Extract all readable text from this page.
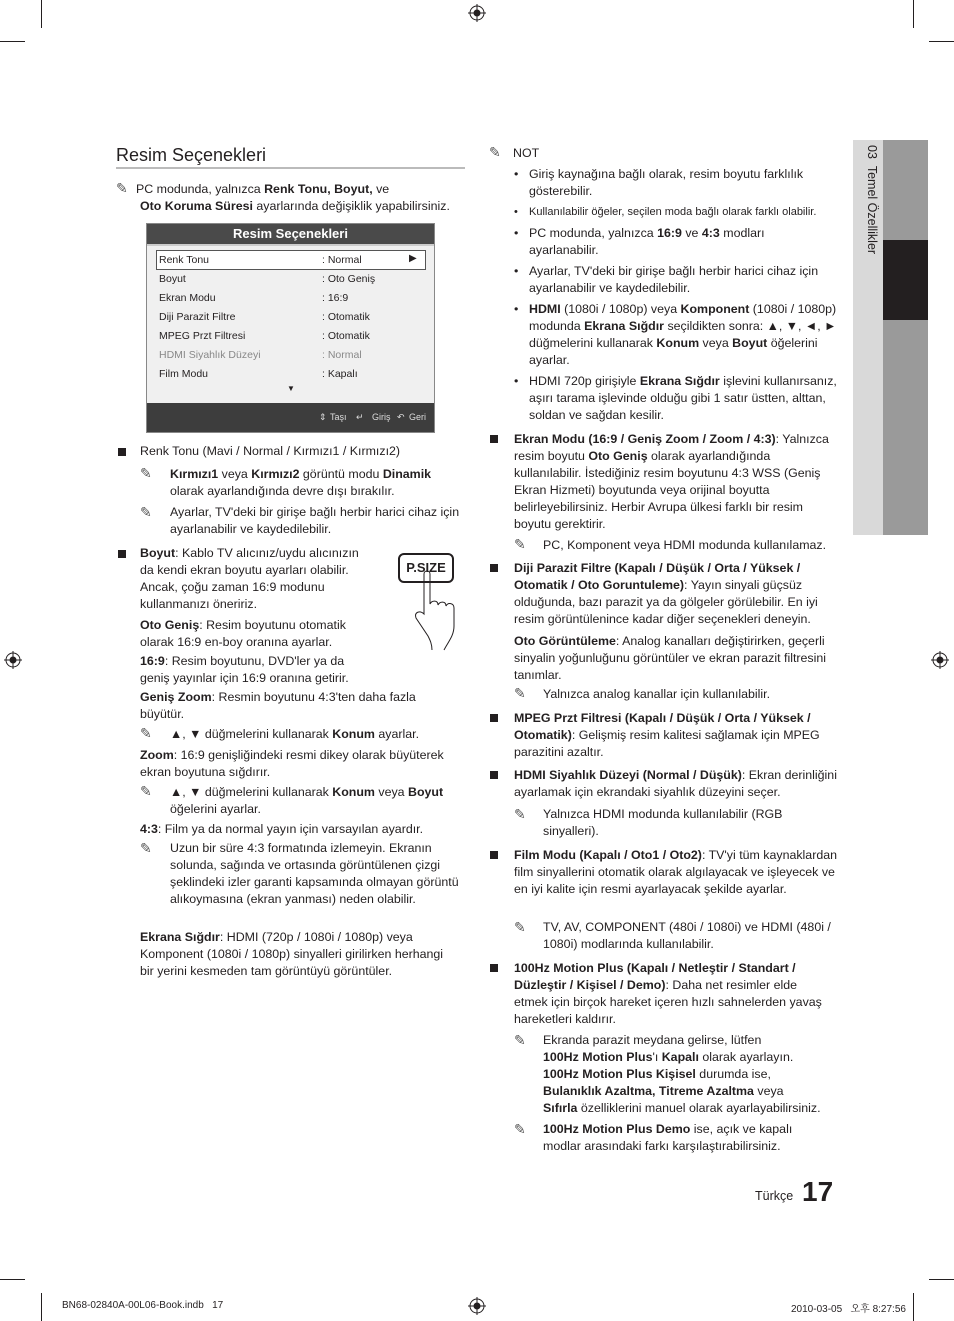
03  Temel Özellikler
Resim Seçenekleri
✎ PC modunda, yalnızca Renk Tonu, Boyut, ve
Oto Koruma Süresi ayarlarında değişiklik yapabilirsiniz.
Resim Seçenekleri
Renk Tonu	: Normal	▶
Boyut	: Oto Geniş
Ekran Modu	: 16:9
Diji Parazit Filtre	: Otomatik
MPEG Przt Filtresi	: Otomatik
HDMI Siyahlık Düzeyi	: Normal
Film Modu	: Kapalı
▼
⇕ Taşı ↵ Giriş ↶ Geri
Renk Tonu (Mavi / Normal / Kırmızı1 / Kırmızı2)
✎ Kırmızı1 veya Kırmızı2 görüntü modu Dinamik
olarak ayarlandığında devre dışı bırakılır.
✎	Ayarlar, TV'deki bir girişe bağlı herbir harici cihaz için ayarlanabilir ve kaydedilebilir.
Boyut: Kablo TV alıcınız/uydu alıcınızın da kendi ekran boyutu ayarları olabilir. Ancak, çoğu zaman 16:9 modunu kullanmanızı öneririz.
P.SIZE
Oto Geniş: Resim boyutunu otomatik olarak 16:9 en-boy oranına ayarlar.
16:9: Resim boyutunu, DVD'ler ya da geniş yayınlar için 16:9 oranına getirir.
Geniş Zoom: Resmin boyutunu 4:3'ten daha fazla büyütür.
✎ ▲, ▼ düğmelerini kullanarak Konum ayarlar.
Zoom: 16:9 genişliğindeki resmi dikey olarak büyüterek ekran boyutuna sığdırır.
✎ ▲, ▼ düğmelerini kullanarak Konum veya Boyut
öğelerini ayarlar.
4:3: Film ya da normal yayın için varsayılan ayardır.
✎	Uzun bir süre 4:3 formatında izlemeyin. Ekranın solunda, sağında ve ortasında görüntülenen çizgi şeklindeki izler garanti kapsamında olmayan görüntü alıkoymasına (ekran yanması) neden olabilir.
Ekrana Sığdır: HDMI (720p / 1080i / 1080p) veya Komponent (1080i / 1080p) sinyalleri girilirken herhangi bir yerini kesmeden tam görüntüyü görüntüler.
✎ NOT
• Giriş kaynağına bağlı olarak, resim boyutu farklılık gösterebilir.
• Kullanılabilir öğeler, seçilen moda bağlı olarak farklı olabilir.
• PC modunda, yalnızca 16:9 ve 4:3 modları ayarlanabilir.
• Ayarlar, TV'deki bir girişe bağlı herbir harici cihaz için ayarlanabilir ve kaydedilebilir.
• HDMI (1080i / 1080p) veya Komponent (1080i / 1080p) modunda Ekrana Sığdır seçildikten sonra: ▲, ▼, ◄, ► düğmelerini kullanarak Konum veya Boyut öğelerini ayarlar.
• HDMI 720p girişiyle Ekrana Sığdır işlevini kullanırsanız, aşırı tarama işlevinde olduğu gibi 1 satır üstten, alttan, soldan ve sağdan kesilir.
Ekran Modu (16:9 / Geniş Zoom / Zoom / 4:3): Yalnızca resim boyutu Oto Geniş olarak ayarlandığında kullanılabilir. İstediğiniz resim boyutunu 4:3 WSS (Geniş Ekran Hizmeti) boyutunda veya orijinal boyutta belirleyebilirsiniz. Herbir Avrupa ülkesi farklı bir resim boyutu gerektirir.
✎ PC, Komponent veya HDMI modunda kullanılamaz.
Diji Parazit Filtre (Kapalı / Düşük / Orta / Yüksek / Otomatik / Oto Goruntuleme): Yayın sinyali güçsüz olduğunda, bazı parazit ya da gölgeler görülebilir. En iyi resim görüntülenince kadar diğer seçenekleri deneyin.
Oto Görüntüleme: Analog kanalları değiştirirken, geçerli sinyalin yoğunluğunu görüntüler ve ekran parazit filtresini tanımlar.
✎ Yalnızca analog kanallar için kullanılabilir.
MPEG Przt Filtresi (Kapalı / Düşük / Orta / Yüksek / Otomatik): Gelişmiş resim kalitesi sağlamak için MPEG parazitini azaltır.
HDMI Siyahlık Düzeyi (Normal / Düşük): Ekran derinliğini ayarlamak için ekrandaki siyahlık düzeyini seçer.
✎	Yalnızca HDMI modunda kullanılabilir (RGB sinyalleri).
Film Modu (Kapalı / Oto1 / Oto2): TV'yi tüm kaynaklardan film sinyallerini otomatik olarak algılayacak ve işleyecek ve en iyi kalite için resmi ayarlayacak şekilde ayarlar.
✎	TV, AV, COMPONENT (480i / 1080i) ve HDMI (480i / 1080i) modlarında kullanılabilir.
100Hz Motion Plus (Kapalı / Netleştir / Standart / Düzleştir / Kişisel / Demo): Daha net resimler elde etmek için birçok hareket içeren hızlı sahnelerden yavaş hareketleri kaldırır.
✎	Ekranda parazit meydana gelirse, lütfen
100Hz Motion Plus'ı Kapalı olarak ayarlayın.
100Hz Motion Plus Kişisel durumda ise,
Bulanıklık Azaltma, Titreme Azaltma veya
Sıfırla özelliklerini manuel olarak ayarlayabilirsiniz.
✎	100Hz Motion Plus Demo ise, açık ve kapalı modlar arasındaki farkı karşılaştırabilirsiniz.
Türkçe 17
BN68-02840A-00L06-Book.indb   17	2010-03-05   오후 8:27:56
